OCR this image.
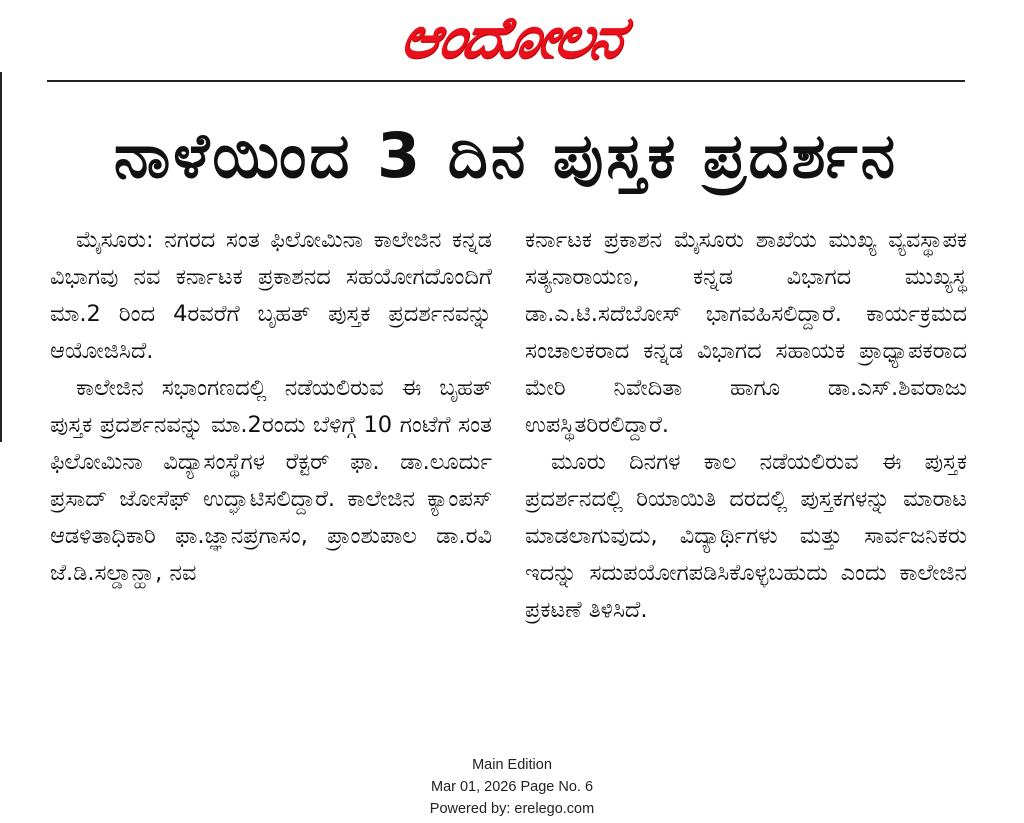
ಆಂದೋಲನ
ನಾಳೆಯಿಂದ 3 ದಿನ ಪುಸ್ತಕ ಪ್ರದರ್ಶನ

ಮೈಸೂರು: ನಗರದ ಸಂತ ಫಿಲೋಮಿನಾ ಕಾಲೇಜಿನ ಕನ್ನಡ ವಿಭಾಗವು ನವ ಕರ್ನಾಟಕ ಪ್ರಕಾಶನದ ಸಹಯೋಗದೊಂದಿಗೆ ಮಾ.2 ರಿಂದ 4ರವರೆಗೆ ಬೃಹತ್ ಪುಸ್ತಕ ಪ್ರದರ್ಶನವನ್ನು ಆಯೋಜಿಸಿದೆ.

ಕಾಲೇಜಿನ ಸಭಾಂಗಣದಲ್ಲಿ ನಡೆಯಲಿರುವ ಈ ಬೃಹತ್ ಪುಸ್ತಕ ಪ್ರದರ್ಶನವನ್ನು ಮಾ.2ರಂದು ಬೆಳಿಗ್ಗೆ 10 ಗಂಟೆಗೆ ಸಂತ ಫಿಲೋಮಿನಾ ವಿದ್ಯಾಸಂಸ್ಥೆಗಳ ರೆಕ್ಟರ್ ಫಾ. ಡಾ.ಲೂರ್ದು ಪ್ರಸಾದ್ ಜೋಸೆಫ್ ಉದ್ಘಾಟಿಸಲಿದ್ದಾರೆ. ಕಾಲೇಜಿನ ಕ್ಯಾಂಪಸ್ ಆಡಳಿತಾಧಿಕಾರಿ ಫಾ.ಜ್ಞಾನಪ್ರಗಾಸಂ, ಪ್ರಾಂಶುಪಾಲ ಡಾ.ರವಿ ಜೆ.ಡಿ.ಸಲ್ಡಾನ್ಹಾ, ನವ

ಕರ್ನಾಟಕ ಪ್ರಕಾಶನ ಮೈಸೂರು ಶಾಖೆಯ ಮುಖ್ಯ ವ್ಯವಸ್ಥಾಪಕ ಸತ್ಯನಾರಾಯಣ, ಕನ್ನಡ ವಿಭಾಗದ ಮುಖ್ಯಸ್ಥ ಡಾ.ಎ.ಟಿ.ಸದೆಬೋಸ್ ಭಾಗವಹಿಸಲಿದ್ದಾರೆ. ಕಾರ್ಯಕ್ರಮದ ಸಂಚಾಲಕರಾದ ಕನ್ನಡ ವಿಭಾಗದ ಸಹಾಯಕ ಪ್ರಾಧ್ಯಾಪಕರಾದ ಮೇರಿ ನಿವೇದಿತಾ ಹಾಗೂ ಡಾ.ಎಸ್.ಶಿವರಾಜು ಉಪಸ್ಥಿತರಿರಲಿದ್ದಾರೆ.

ಮೂರು ದಿನಗಳ ಕಾಲ ನಡೆಯಲಿರುವ ಈ ಪುಸ್ತಕ ಪ್ರದರ್ಶನದಲ್ಲಿ ರಿಯಾಯಿತಿ ದರದಲ್ಲಿ ಪುಸ್ತಕಗಳನ್ನು ಮಾರಾಟ ಮಾಡಲಾಗುವುದು, ವಿದ್ಯಾರ್ಥಿಗಳು ಮತ್ತು ಸಾರ್ವಜನಿಕರು ಇದನ್ನು ಸದುಪಯೋಗಪಡಿಸಿಕೊಳ್ಳಬಹುದು ಎಂದು ಕಾಲೇಜಿನ ಪ್ರಕಟಣೆ ತಿಳಿಸಿದೆ.

Main Edition
Mar 01, 2026 Page No. 6
Powered by: erelego.com
